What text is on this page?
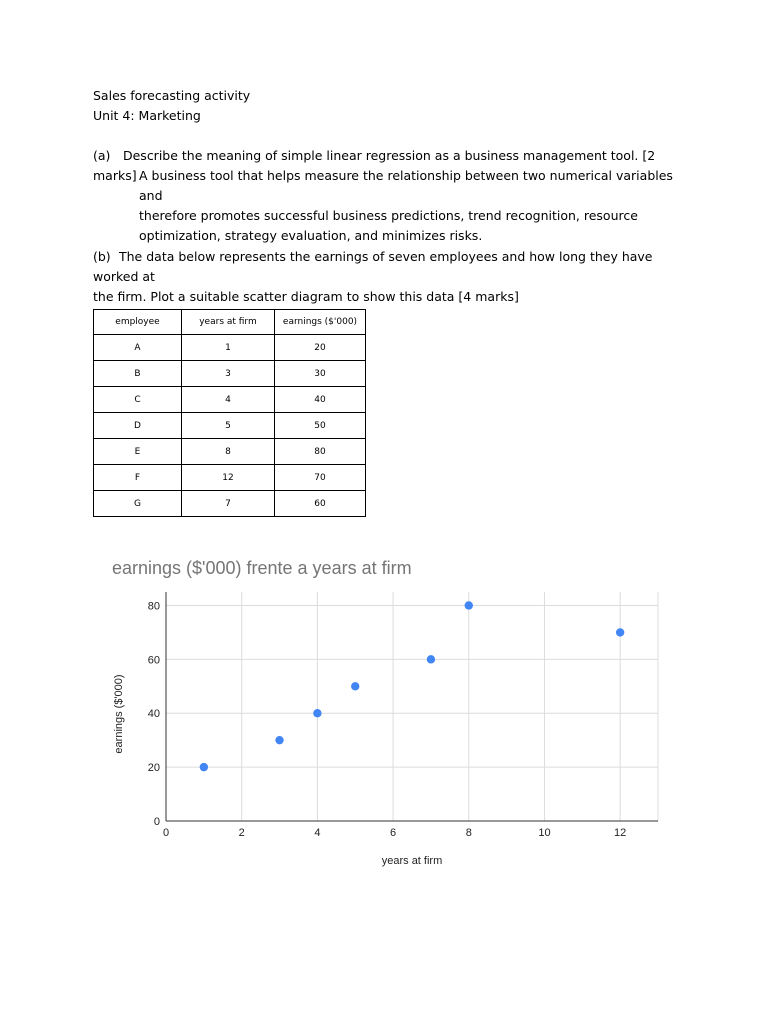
Sales forecasting activity
Unit 4: Marketing
(a) Describe the meaning of simple linear regression as a business management tool. [2 marks] A business tool that helps measure the relationship between two numerical variables and
therefore promotes successful business predictions, trend recognition, resource
optimization, strategy evaluation, and minimizes risks.
(b) The data below represents the earnings of seven employees and how long they have worked at
the firm. Plot a suitable scatter diagram to show this data [4 marks]
employee	years at firm	earnings ($'000)
A	1	20
B	3	30
C	4	40
D	5	50
E	8	80
F	12	70
G	7	60
earnings ($'000) frente a years at firm
0	2	4	6	8	10	12
0
20
40
60
80
years at firm
earnings ($'000)
